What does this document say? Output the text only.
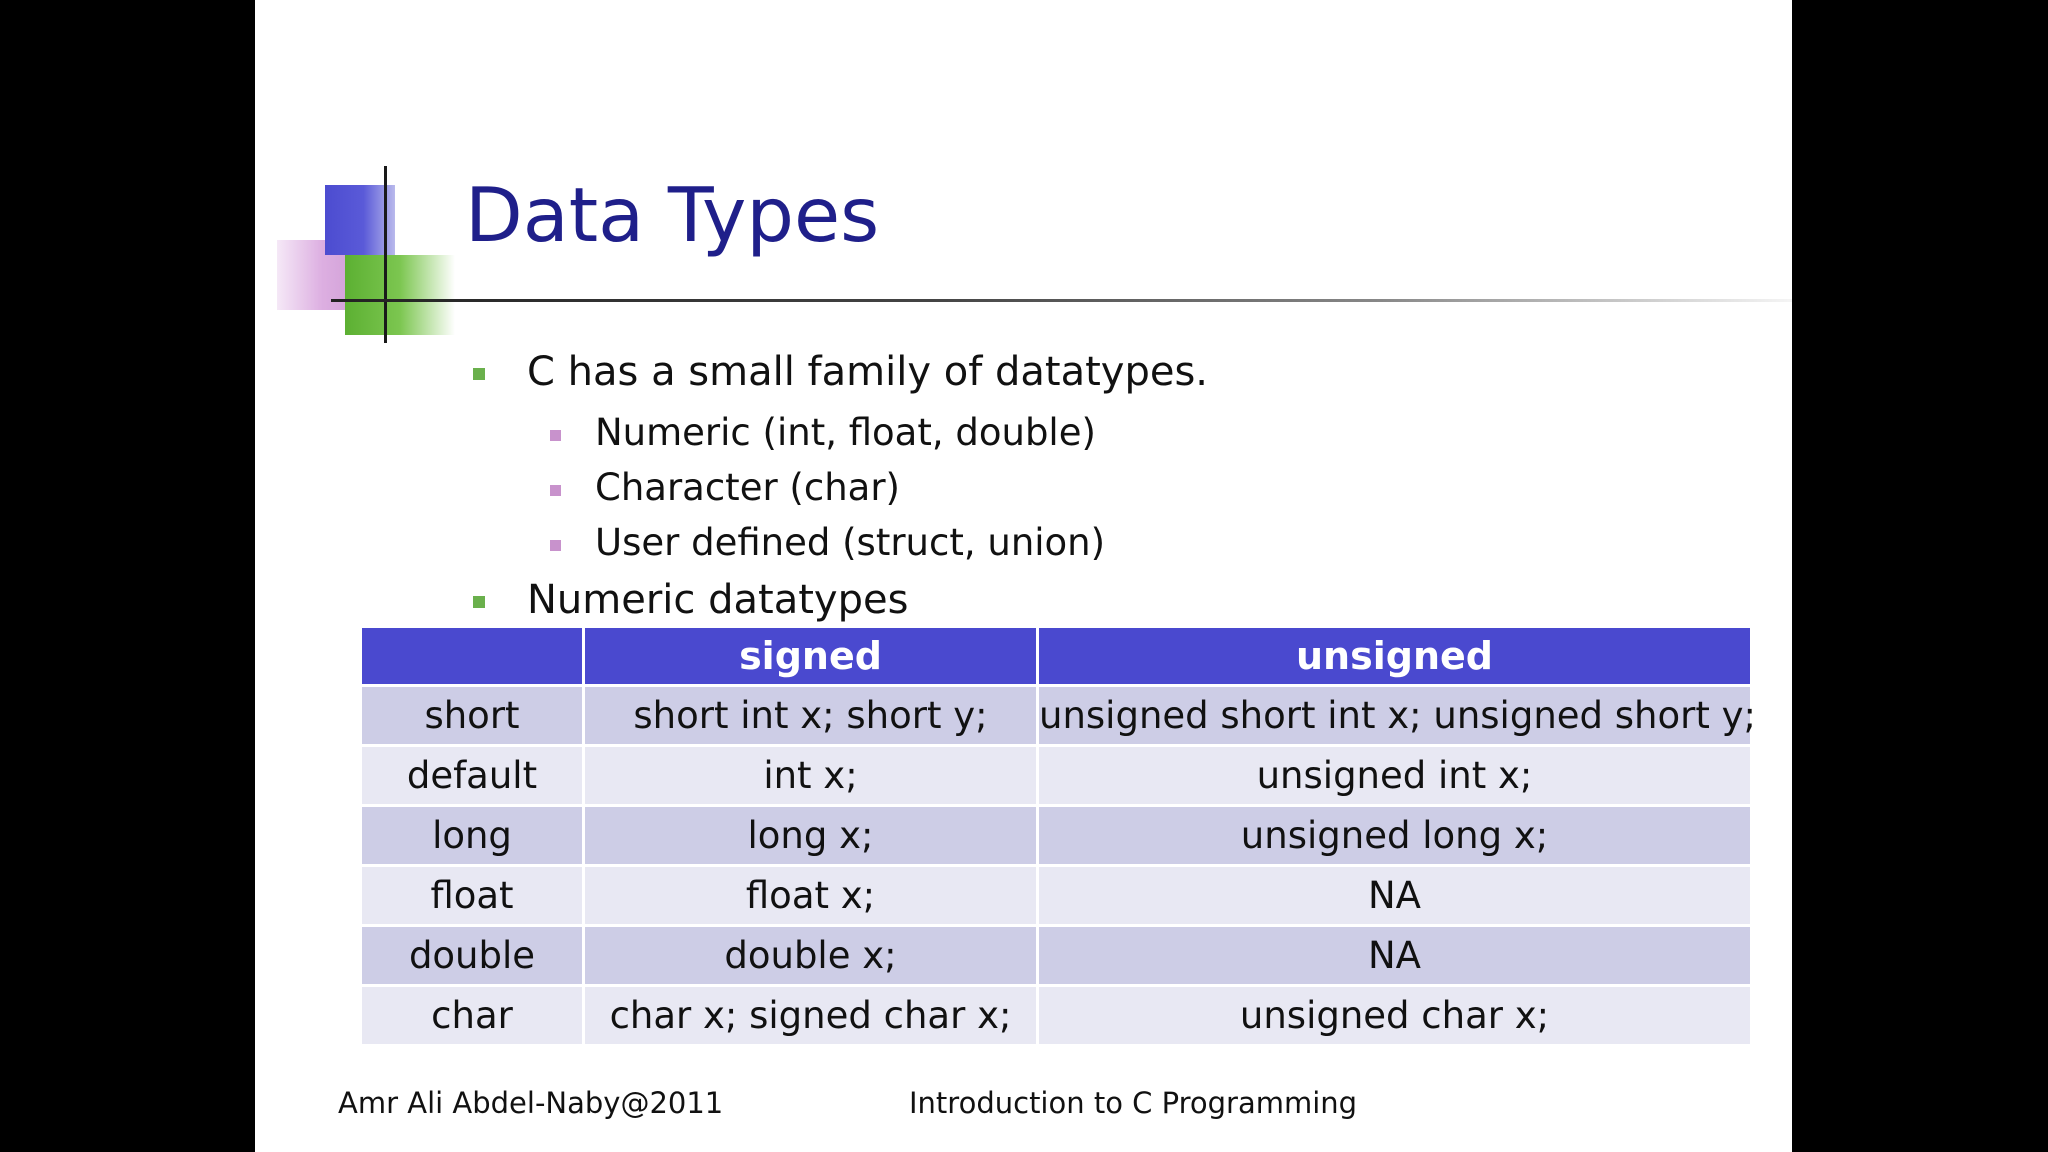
Data Types
C has a small family of datatypes.
Numeric (int, float, double)
Character (char)
User defined (struct, union)
Numeric datatypes
	signed	unsigned
short	short int x; short y;	unsigned short int x; unsigned short y;
default	int x;	unsigned int x;
long	long x;	unsigned long x;
float	float x;	NA
double	double x;	NA
char	char x; signed char x;	unsigned char x;
Amr Ali Abdel-Naby@2011	Introduction to C Programming
